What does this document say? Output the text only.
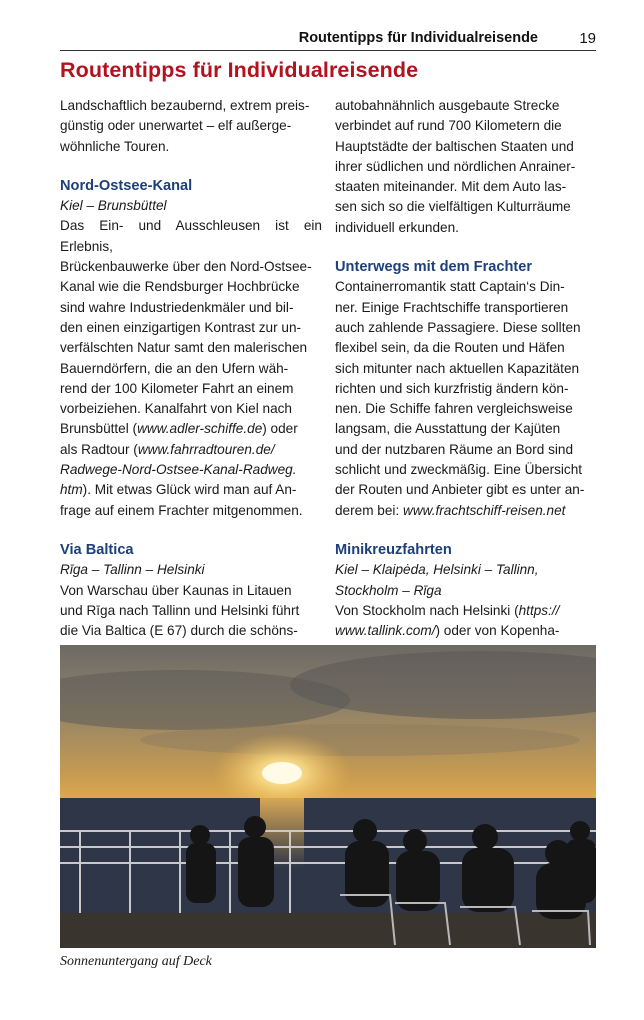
Routentipps für Individualreisende	19
Routentipps für Individualreisende

Landschaftlich bezaubernd, extrem preis-
günstig oder unerwartet – elf außerge-
wöhnliche Touren.

Nord-Ostsee-Kanal

Kiel – Brunsbüttel

Das Ein- und Ausschleusen ist ein Erlebnis,
Brückenbauwerke über den Nord-Ostsee-
Kanal wie die Rendsburger Hochbrücke
sind wahre Industriedenkmäler und bil-
den einen einzigartigen Kontrast zur un-
verfälschten Natur samt den malerischen
Bauerndörfern, die an den Ufern wäh-
rend der 100 Kilometer Fahrt an einem
vorbeiziehen. Kanalfahrt von Kiel nach
Brunsbüttel (www.adler-schiffe.de) oder
als Radtour (www.fahrradtouren.de/
Radwege-Nord-Ostsee-Kanal-Radweg.
htm). Mit etwas Glück wird man auf An-
frage auf einem Frachter mitgenommen.

Via Baltica

Rīga – Tallinn – Helsinki

Von Warschau über Kaunas in Litauen
und Rīga nach Tallinn und Helsinki führt
die Via Baltica (E 67) durch die schöns-

autobahnähnlich ausgebaute Strecke
verbindet auf rund 700 Kilometern die
Hauptstädte der baltischen Staaten und
ihrer südlichen und nördlichen Anrainer-
staaten miteinander. Mit dem Auto las-
sen sich so die vielfältigen Kulturräume
individuell erkunden.

Unterwegs mit dem Frachter

Containerromantik statt Captain‘s Din-
ner. Einige Frachtschiffe transportieren
auch zahlende Passagiere. Diese sollten
flexibel sein, da die Routen und Häfen
sich mitunter nach aktuellen Kapazitäten
richten und sich kurzfristig ändern kön-
nen. Die Schiffe fahren vergleichsweise
langsam, die Ausstattung der Kajüten
und der nutzbaren Räume an Bord sind
schlicht und zweckmäßig. Eine Übersicht
der Routen und Anbieter gibt es unter an-
derem bei: www.frachtschiff-reisen.net

Minikreuzfahrten

Kiel – Klaipėda, Helsinki – Tallinn,
Stockholm – Rīga

Von Stockholm nach Helsinki (https://
www.tallink.com/) oder von Kopenha-

Sonnenuntergang auf Deck
